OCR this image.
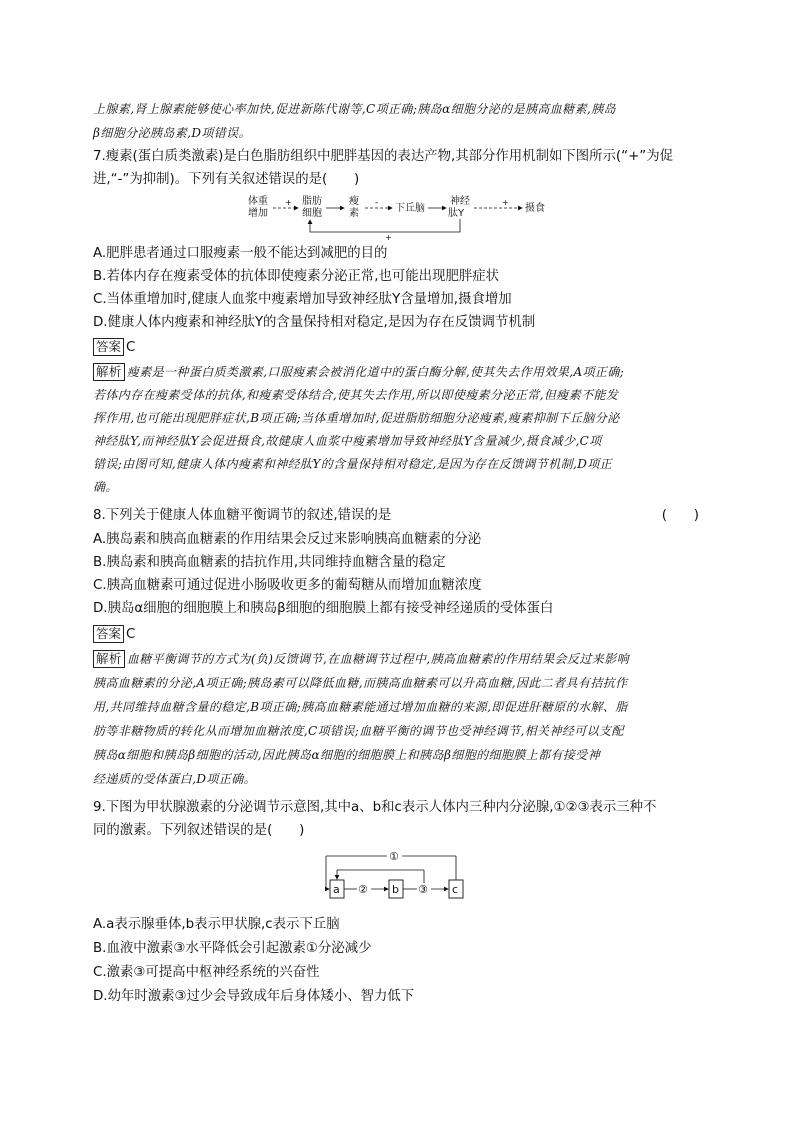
上腺素,肾上腺素能够使心率加快,促进新陈代谢等,C项正确;胰岛α细胞分泌的是胰高血糖素,胰岛
β细胞分泌胰岛素,D项错误。
7.瘦素(蛋白质类激素)是白色脂肪组织中肥胖基因的表达产物,其部分作用机制如下图所示(“+”为促
进,“-”为抑制)。下列有关叙述错误的是(　　)
体重
增加
+ 脂肪
细胞
瘦
素
- 下丘脑
神经
肽Y
+
摄食
+
A.肥胖患者通过口服瘦素一般不能达到减肥的目的
B.若体内存在瘦素受体的抗体即使瘦素分泌正常,也可能出现肥胖症状
C.当体重增加时,健康人血浆中瘦素增加导致神经肽Y含量增加,摄食增加
D.健康人体内瘦素和神经肽Y的含量保持相对稳定,是因为存在反馈调节机制
答案 C
解析 瘦素是一种蛋白质类激素,口服瘦素会被消化道中的蛋白酶分解,使其失去作用效果,A项正确;
若体内存在瘦素受体的抗体,和瘦素受体结合,使其失去作用,所以即使瘦素分泌正常,但瘦素不能发
挥作用,也可能出现肥胖症状,B项正确;当体重增加时,促进脂肪细胞分泌瘦素,瘦素抑制下丘脑分泌
神经肽Y,而神经肽Y会促进摄食,故健康人血浆中瘦素增加导致神经肽Y含量减少,摄食减少,C项
错误;由图可知,健康人体内瘦素和神经肽Y的含量保持相对稳定,是因为存在反馈调节机制,D项正
确。
8.下列关于健康人体血糖平衡调节的叙述,错误的是	(　　)
A.胰岛素和胰高血糖素的作用结果会反过来影响胰高血糖素的分泌
B.胰岛素和胰高血糖素的拮抗作用,共同维持血糖含量的稳定
C.胰高血糖素可通过促进小肠吸收更多的葡萄糖从而增加血糖浓度
D.胰岛α细胞的细胞膜上和胰岛β细胞的细胞膜上都有接受神经递质的受体蛋白
答案 C
解析 血糖平衡调节的方式为(负)反馈调节,在血糖调节过程中,胰高血糖素的作用结果会反过来影响
胰高血糖素的分泌,A项正确;胰岛素可以降低血糖,而胰高血糖素可以升高血糖,因此二者具有拮抗作
用,共同维持血糖含量的稳定,B项正确;胰高血糖素能通过增加血糖的来源,即促进肝糖原的水解、脂
肪等非糖物质的转化从而增加血糖浓度,C项错误;血糖平衡的调节也受神经调节,相关神经可以支配
胰岛α细胞和胰岛β细胞的活动,因此胰岛α细胞的细胞膜上和胰岛β细胞的细胞膜上都有接受神
经递质的受体蛋白,D项正确。
9.下图为甲状腺激素的分泌调节示意图,其中a、b和c表示人体内三种内分泌腺,①②③表示三种不
同的激素。下列叙述错误的是(　　)
a	b	c
②	③
①
A.a表示腺垂体,b表示甲状腺,c表示下丘脑
B.血液中激素③水平降低会引起激素①分泌减少
C.激素③可提高中枢神经系统的兴奋性
D.幼年时激素③过少会导致成年后身体矮小、智力低下
